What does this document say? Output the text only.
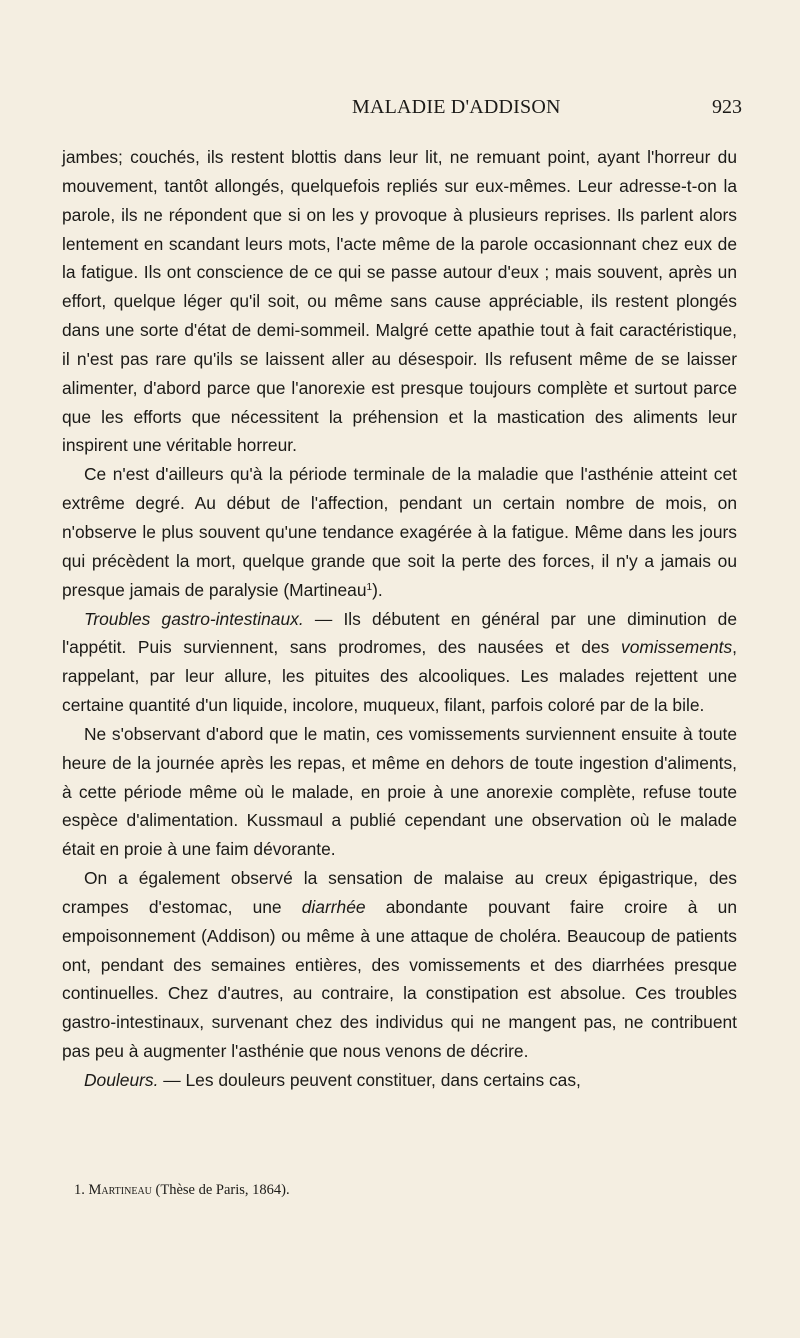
MALADIE D'ADDISON	923

jambes; couchés, ils restent blottis dans leur lit, ne remuant point, ayant l'horreur du mouvement, tantôt allongés, quelquefois repliés sur eux-mêmes. Leur adresse-t-on la parole, ils ne répondent que si on les y provoque à plusieurs reprises. Ils parlent alors lentement en scandant leurs mots, l'acte même de la parole occasionnant chez eux de la fatigue. Ils ont conscience de ce qui se passe autour d'eux ; mais souvent, après un effort, quelque léger qu'il soit, ou même sans cause appréciable, ils restent plongés dans une sorte d'état de demi-sommeil. Malgré cette apathie tout à fait caractéristique, il n'est pas rare qu'ils se laissent aller au désespoir. Ils refusent même de se laisser alimenter, d'abord parce que l'anorexie est presque toujours complète et surtout parce que les efforts que nécessitent la préhension et la mastication des aliments leur inspirent une véritable horreur.

Ce n'est d'ailleurs qu'à la période terminale de la maladie que l'asthénie atteint cet extrême degré. Au début de l'affection, pendant un certain nombre de mois, on n'observe le plus souvent qu'une tendance exagérée à la fatigue. Même dans les jours qui précèdent la mort, quelque grande que soit la perte des forces, il n'y a jamais ou presque jamais de paralysie (Martineau$^1$).

Troubles gastro-intestinaux. — Ils débutent en général par une diminution de l'appétit. Puis surviennent, sans prodromes, des nausées et des vomissements, rappelant, par leur allure, les pituites des alcooliques. Les malades rejettent une certaine quantité d'un liquide, incolore, muqueux, filant, parfois coloré par de la bile.

Ne s'observant d'abord que le matin, ces vomissements surviennent ensuite à toute heure de la journée après les repas, et même en dehors de toute ingestion d'aliments, à cette période même où le malade, en proie à une anorexie complète, refuse toute espèce d'alimentation. Kussmaul a publié cependant une observation où le malade était en proie à une faim dévorante.

On a également observé la sensation de malaise au creux épigastrique, des crampes d'estomac, une diarrhée abondante pouvant faire croire à un empoisonnement (Addison) ou même à une attaque de choléra. Beaucoup de patients ont, pendant des semaines entières, des vomissements et des diarrhées presque continuelles. Chez d'autres, au contraire, la constipation est absolue. Ces troubles gastro-intestinaux, survenant chez des individus qui ne mangent pas, ne contribuent pas peu à augmenter l'asthénie que nous venons de décrire.

Douleurs. — Les douleurs peuvent constituer, dans certains cas,

1. Martineau (Thèse de Paris, 1864).
